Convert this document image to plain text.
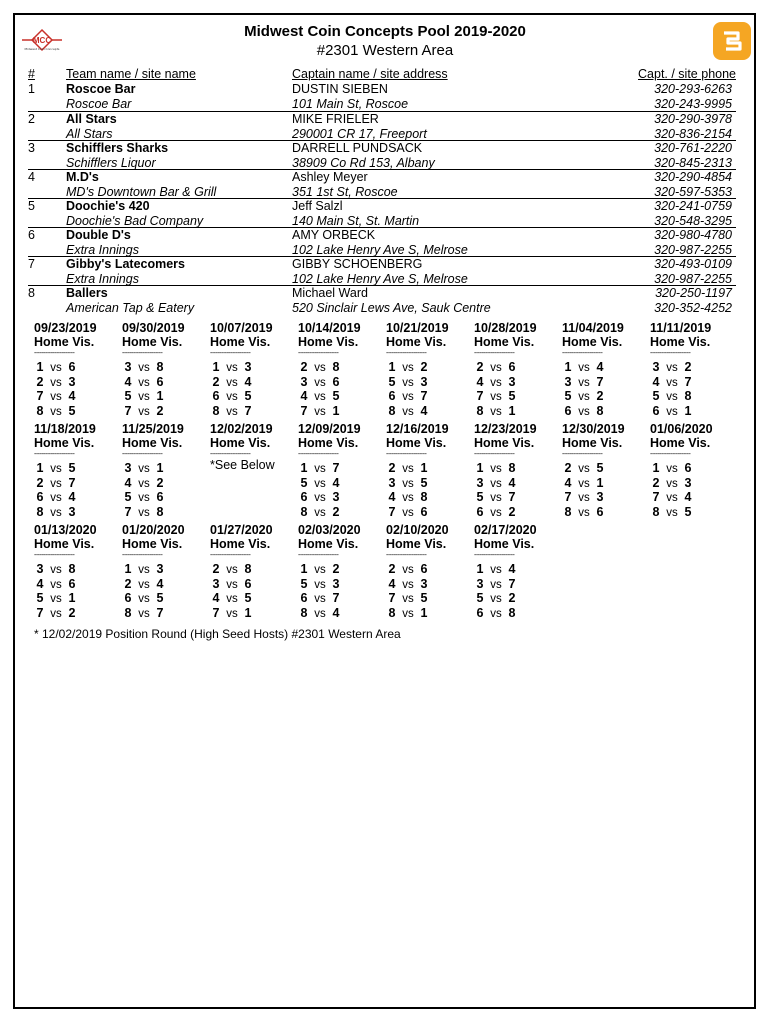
MCC
Midwest Coin Concepts
Midwest Coin Concepts Pool 2019-2020
#2301 Western Area
# Team name / site name	Captain name / site address	Capt. / site phone
1 Roscoe Bar
Roscoe Bar
DUSTIN SIEBEN
101 Main St, Roscoe
320-293-6263
320-243-9995
2 All Stars
All Stars
MIKE FRIELER
290001 CR 17, Freeport
320-290-3978
320-836-2154
3 Schifflers Sharks
Schifflers Liquor
DARRELL PUNDSACK
38909 Co Rd 153, Albany
320-761-2220
320-845-2313
4 M.D's
MD's Downtown Bar & Grill
Ashley Meyer
351 1st St, Roscoe
320-290-4854
320-597-5353
5 Doochie's 420
Doochie's Bad Company
Jeff Salzl
140 Main St, St. Martin
320-241-0759
320-548-3295
6 Double D's
Extra Innings
AMY ORBECK
102 Lake Henry Ave S, Melrose
320-980-4780
320-987-2255
7 Gibby's Latecomers
Extra Innings
GIBBY SCHOENBERG
102 Lake Henry Ave S, Melrose
320-493-0109
320-987-2255
8 Ballers
American Tap & Eatery
Michael Ward
520 Sinclair Lews Ave, Sauk Centre
320-250-1197
320-352-4252
09/23/2019
Home Vis.
----------------------
1 vs 6
2 vs 3
7 vs 4
8 vs 5
09/30/2019
Home Vis.
----------------------
3 vs 8
4 vs 6
5 vs 1
7 vs 2
10/07/2019
Home Vis.
----------------------
1 vs 3
2 vs 4
6 vs 5
8 vs 7
10/14/2019
Home Vis.
----------------------
2 vs 8
3 vs 6
4 vs 5
7 vs 1
10/21/2019
Home Vis.
----------------------
1 vs 2
5 vs 3
6 vs 7
8 vs 4
10/28/2019
Home Vis.
----------------------
2 vs 6
4 vs 3
7 vs 5
8 vs 1
11/04/2019
Home Vis.
----------------------
1 vs 4
3 vs 7
5 vs 2
6 vs 8
11/11/2019
Home Vis.
----------------------
3 vs 2
4 vs 7
5 vs 8
6 vs 1
11/18/2019
Home Vis.
----------------------
1 vs 5
2 vs 7
6 vs 4
8 vs 3
11/25/2019
Home Vis.
----------------------
3 vs 1
4 vs 2
5 vs 6
7 vs 8
12/02/2019
Home Vis.
----------------------
*See Below
12/09/2019
Home Vis.
----------------------
1 vs 7
5 vs 4
6 vs 3
8 vs 2
12/16/2019
Home Vis.
----------------------
2 vs 1
3 vs 5
4 vs 8
7 vs 6
12/23/2019
Home Vis.
----------------------
1 vs 8
3 vs 4
5 vs 7
6 vs 2
12/30/2019
Home Vis.
----------------------
2 vs 5
4 vs 1
7 vs 3
8 vs 6
01/06/2020
Home Vis.
----------------------
1 vs 6
2 vs 3
7 vs 4
8 vs 5
01/13/2020
Home Vis.
----------------------
3 vs 8
4 vs 6
5 vs 1
7 vs 2
01/20/2020
Home Vis.
----------------------
1 vs 3
2 vs 4
6 vs 5
8 vs 7
01/27/2020
Home Vis.
----------------------
2 vs 8
3 vs 6
4 vs 5
7 vs 1
02/03/2020
Home Vis.
----------------------
1 vs 2
5 vs 3
6 vs 7
8 vs 4
02/10/2020
Home Vis.
----------------------
2 vs 6
4 vs 3
7 vs 5
8 vs 1
02/17/2020
Home Vis.
----------------------
1 vs 4
3 vs 7
5 vs 2
6 vs 8
* 12/02/2019 Position Round (High Seed Hosts) #2301 Western Area
